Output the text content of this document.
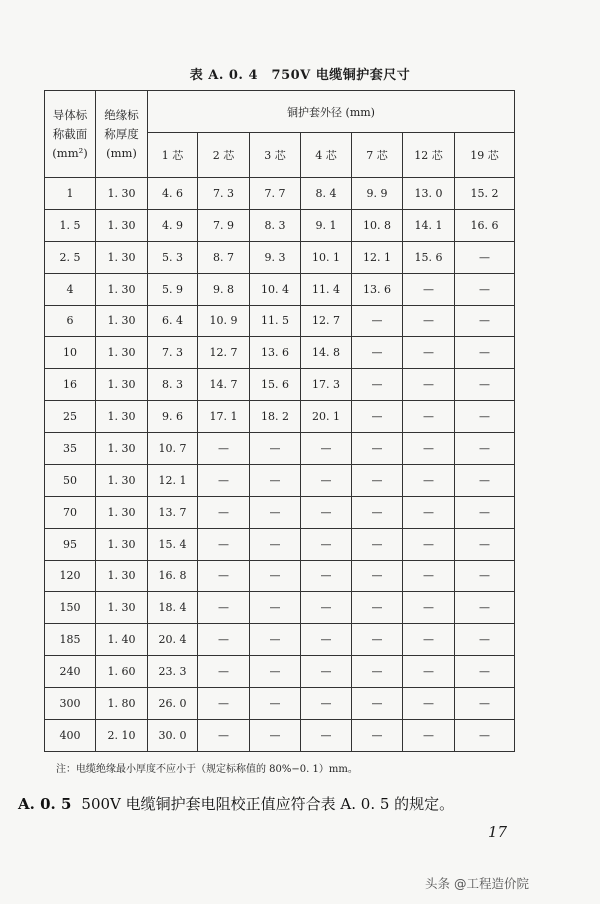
表 A. 0. 4　750V 电缆铜护套尺寸
导体标
称截面
(mm²)

绝缘标
称厚度
(mm)
	铜护套外径 (mm)
		1 芯	2 芯	3 芯	4 芯	7 芯	12 芯	19 芯
1	1. 30	4. 6	7. 3	7. 7	8. 4	9. 9	13. 0	15. 2
1. 5	1. 30	4. 9	7. 9	8. 3	9. 1	10. 8	14. 1	16. 6
2. 5	1. 30	5. 3	8. 7	9. 3	10. 1	12. 1	15. 6	—
4	1. 30	5. 9	9. 8	10. 4	11. 4	13. 6	—	—
6	1. 30	6. 4	10. 9	11. 5	12. 7	—	—	—
10	1. 30	7. 3	12. 7	13. 6	14. 8	—	—	—
16	1. 30	8. 3	14. 7	15. 6	17. 3	—	—	—
25	1. 30	9. 6	17. 1	18. 2	20. 1	—	—	—
35	1. 30	10. 7	—	—	—	—	—	—
50	1. 30	12. 1	—	—	—	—	—	—
70	1. 30	13. 7	—	—	—	—	—	—
95	1. 30	15. 4	—	—	—	—	—	—
120	1. 30	16. 8	—	—	—	—	—	—
150	1. 30	18. 4	—	—	—	—	—	—
185	1. 40	20. 4	—	—	—	—	—	—
240	1. 60	23. 3	—	—	—	—	—	—
300	1. 80	26. 0	—	—	—	—	—	—
400	2. 10	30. 0	—	—	—	—	—	—
注：电缆绝缘最小厚度不应小于（规定标称值的 80%−0. 1）mm。
A. 0. 5 500V 电缆铜护套电阻校正值应符合表 A. 0. 5 的规定。
17
头条 @工程造价院
